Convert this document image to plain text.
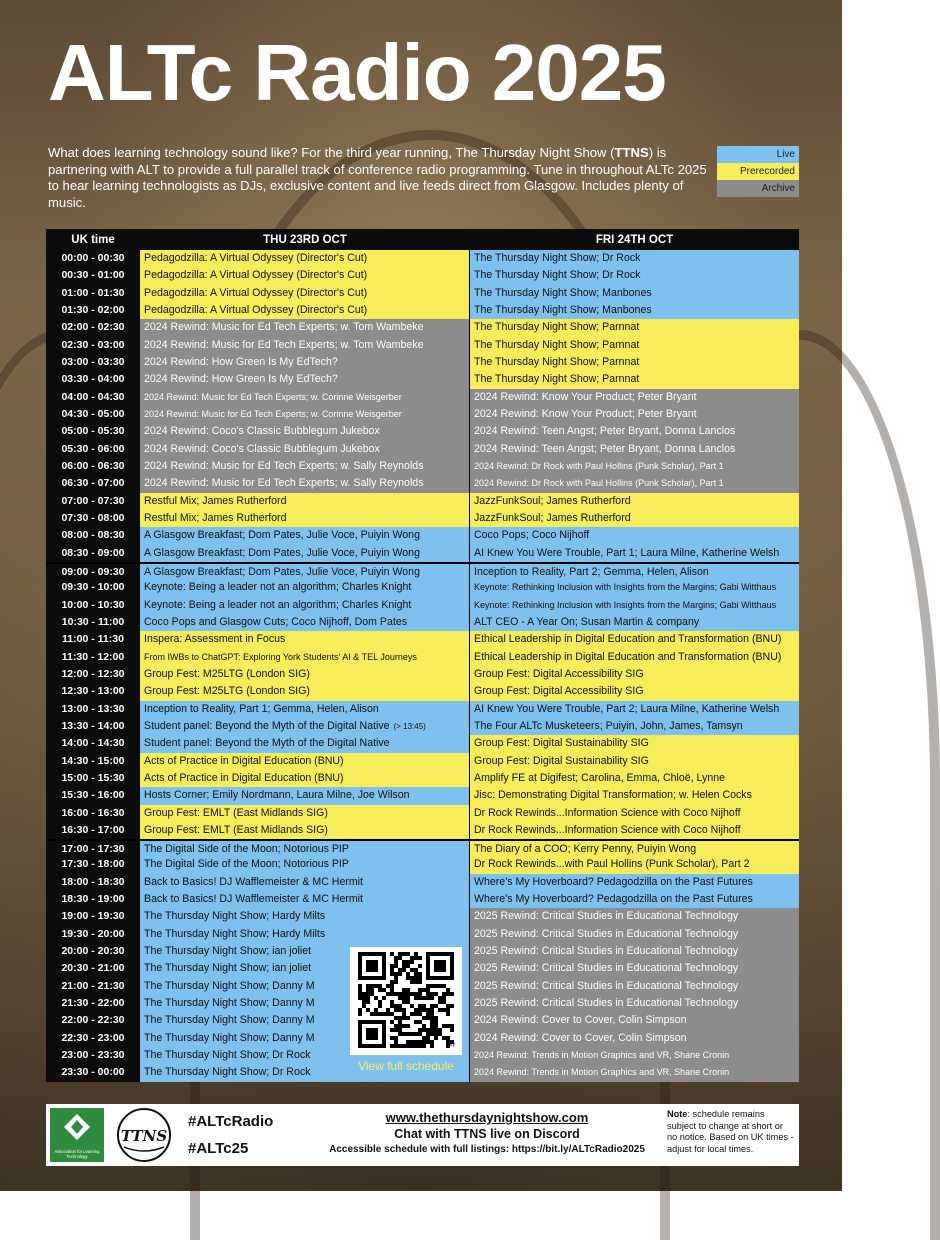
ALTc Radio 2025
What does learning technology sound like? For the third year running, The Thursday Night Show (TTNS) is partnering with ALT to provide a full parallel track of conference radio programming. Tune in throughout ALTc 2025 to hear learning technologists as DJs, exclusive content and live feeds direct from Glasgow. Includes plenty of music.
Live
Prerecorded
Archive
UK time	THU 23RD OCT	FRI 24TH OCT
00:00 - 00:30	Pedagodzilla: A Virtual Odyssey (Director's Cut)	The Thursday Night Show; Dr Rock
00:30 - 01:00	Pedagodzilla: A Virtual Odyssey (Director's Cut)	The Thursday Night Show; Dr Rock
01:00 - 01:30	Pedagodzilla: A Virtual Odyssey (Director's Cut)	The Thursday Night Show; Manbones
01:30 - 02:00	Pedagodzilla: A Virtual Odyssey (Director's Cut)	The Thursday Night Show; Manbones
02:00 - 02:30	2024 Rewind: Music for Ed Tech Experts; w. Tom Wambeke	The Thursday Night Show; Parnnat
02:30 - 03:00	2024 Rewind: Music for Ed Tech Experts; w. Tom Wambeke	The Thursday Night Show; Parnnat
03:00 - 03:30	2024 Rewind: How Green Is My EdTech?	The Thursday Night Show; Parnnat
03:30 - 04:00	2024 Rewind: How Green Is My EdTech?	The Thursday Night Show; Parnnat
04:00 - 04:30	2024 Rewind: Music for Ed Tech Experts; w. Corinne Weisgerber	2024 Rewind: Know Your Product; Peter Bryant
04:30 - 05:00	2024 Rewind: Music for Ed Tech Experts; w. Corinne Weisgerber	2024 Rewind: Know Your Product; Peter Bryant
05:00 - 05:30	2024 Rewind: Coco's Classic Bubblegum Jukebox	2024 Rewind: Teen Angst; Peter Bryant, Donna Lanclos
05:30 - 06:00	2024 Rewind: Coco's Classic Bubblegum Jukebox	2024 Rewind: Teen Angst; Peter Bryant, Donna Lanclos
06:00 - 06:30	2024 Rewind: Music for Ed Tech Experts; w. Sally Reynolds	2024 Rewind: Dr Rock with Paul Hollins (Punk Scholar), Part 1
06:30 - 07:00	2024 Rewind: Music for Ed Tech Experts; w. Sally Reynolds	2024 Rewind: Dr Rock with Paul Hollins (Punk Scholar), Part 1
07:00 - 07:30	Restful Mix; James Rutherford	JazzFunkSoul; James Rutherford
07:30 - 08:00	Restful Mix; James Rutherford	JazzFunkSoul; James Rutherford
08:00 - 08:30	A Glasgow Breakfast; Dom Pates, Julie Voce, Puiyin Wong	Coco Pops; Coco Nijhoff
08:30 - 09:00	A Glasgow Breakfast; Dom Pates, Julie Voce, Puiyin Wong	AI Knew You Were Trouble, Part 1; Laura Milne, Katherine Welsh
09:00 - 09:30	A Glasgow Breakfast; Dom Pates, Julie Voce, Puiyin Wong	Inception to Reality, Part 2; Gemma, Helen, Alison
09:30 - 10:00	Keynote: Being a leader not an algorithm; Charles Knight	Keynote: Rethinking Inclusion with Insights from the Margins; Gabi Witthaus
10:00 - 10:30	Keynote: Being a leader not an algorithm; Charles Knight	Keynote: Rethinking Inclusion with Insights from the Margins; Gabi Witthaus
10:30 - 11:00	Coco Pops and Glasgow Cuts; Coco Nijhoff, Dom Pates	ALT CEO - A Year On; Susan Martin & company
11:00 - 11:30	Inspera: Assessment in Focus	Ethical Leadership in Digital Education and Transformation (BNU)
11:30 - 12:00	From IWBs to ChatGPT: Exploring York Students' AI & TEL Journeys	Ethical Leadership in Digital Education and Transformation (BNU)
12:00 - 12:30	Group Fest: M25LTG (London SIG)	Group Fest: Digital Accessibility SIG
12:30 - 13:00	Group Fest: M25LTG (London SIG)	Group Fest: Digital Accessibility SIG
13:00 - 13:30	Inception to Reality, Part 1; Gemma, Helen, Alison	AI Knew You Were Trouble, Part 2; Laura Milne, Katherine Welsh
13:30 - 14:00	Student panel: Beyond the Myth of the Digital Native (> 13:45)	The Four ALTc Musketeers; Puiyin, John, James, Tamsyn
14:00 - 14:30	Student panel: Beyond the Myth of the Digital Native	Group Fest: Digital Sustainability SIG
14:30 - 15:00	Acts of Practice in Digital Education (BNU)	Group Fest: Digital Sustainability SIG
15:00 - 15:30	Acts of Practice in Digital Education (BNU)	Amplify FE at Digifest; Carolina, Emma, Chloë, Lynne
15:30 - 16:00	Hosts Corner; Emily Nordmann, Laura Milne, Joe Wilson	Jisc: Demonstrating Digital Transformation; w. Helen Cocks
16:00 - 16:30	Group Fest: EMLT (East Midlands SIG)	Dr Rock Rewinds...Information Science with Coco Nijhoff
16:30 - 17:00	Group Fest: EMLT (East Midlands SIG)	Dr Rock Rewinds...Information Science with Coco Nijhoff
17:00 - 17:30	The Digital Side of the Moon; Notorious PIP	The Diary of a COO; Kerry Penny, Puiyin Wong
17:30 - 18:00	The Digital Side of the Moon; Notorious PIP	Dr Rock Rewinds...with Paul Hollins (Punk Scholar), Part 2
18:00 - 18:30	Back to Basics! DJ Wafflemeister & MC Hermit	Where's My Hoverboard? Pedagodzilla on the Past Futures
18:30 - 19:00	Back to Basics! DJ Wafflemeister & MC Hermit	Where's My Hoverboard? Pedagodzilla on the Past Futures
19:00 - 19:30	The Thursday Night Show; Hardy Milts	2025 Rewind: Critical Studies in Educational Technology
19:30 - 20:00	The Thursday Night Show; Hardy Milts	2025 Rewind: Critical Studies in Educational Technology
20:00 - 20:30	The Thursday Night Show; ian joliet	2025 Rewind: Critical Studies in Educational Technology
20:30 - 21:00	The Thursday Night Show; ian joliet	2025 Rewind: Critical Studies in Educational Technology
21:00 - 21:30	The Thursday Night Show; Danny M	2025 Rewind: Critical Studies in Educational Technology
21:30 - 22:00	The Thursday Night Show; Danny M	2025 Rewind: Critical Studies in Educational Technology
22:00 - 22:30	The Thursday Night Show; Danny M	2024 Rewind: Cover to Cover, Colin Simpson
22:30 - 23:00	The Thursday Night Show; Danny M	2024 Rewind: Cover to Cover, Colin Simpson
23:00 - 23:30	The Thursday Night Show; Dr Rock	2024 Rewind: Trends in Motion Graphics and VR, Shane Cronin
23:30 - 00:00	The Thursday Night Show; Dr Rock	2024 Rewind: Trends in Motion Graphics and VR, Shane Cronin
bitly
View full schedule
Association for Learning Technology
TTNS
#ALTcRadio
#ALTc25
www.thethursdaynightshow.com
Chat with TTNS live on Discord
Accessible schedule with full listings: https://bit.ly/ALTcRadio2025
Note: schedule remains subject to change at short or no notice. Based on UK times - adjust for local times.
